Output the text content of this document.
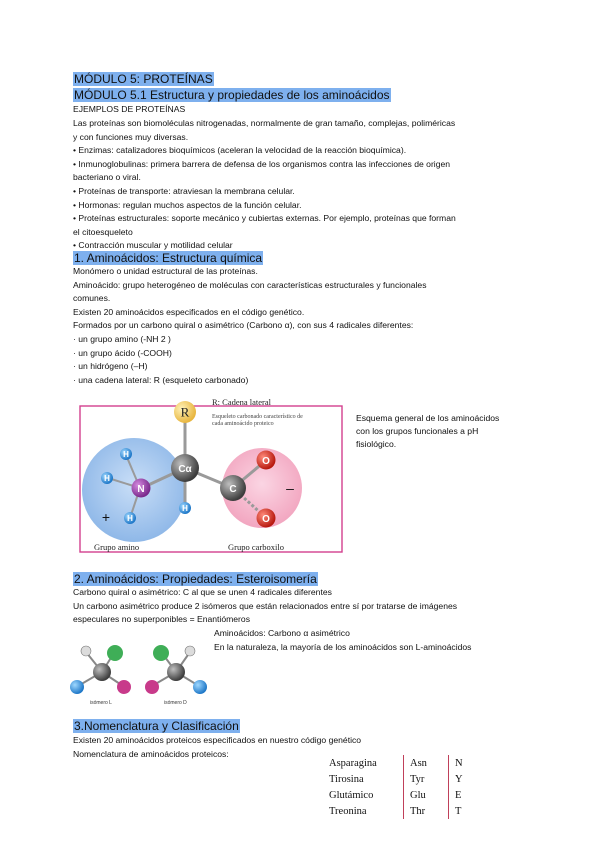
MÓDULO 5: PROTEÍNAS
MÓDULO 5.1 Estructura y propiedades de los aminoácidos
EJEMPLOS DE PROTEÍNAS
Las proteínas son biomoléculas nitrogenadas, normalmente de gran tamaño, complejas, poliméricas
y con funciones muy diversas.
• Enzimas: catalizadores bioquímicos (aceleran la velocidad de la reacción bioquímica).
• Inmunoglobulinas: primera barrera de defensa de los organismos contra las infecciones de origen
bacteriano o viral.
• Proteínas de transporte: atraviesan la membrana celular.
• Hormonas: regulan muchos aspectos de la función celular.
• Proteínas estructurales: soporte mecánico y cubiertas externas. Por ejemplo, proteínas que forman
el citoesqueleto
• Contracción muscular y motilidad celular
1. Aminoácidos: Estructura química
Monómero o unidad estructural de las proteínas.
Aminoácido: grupo heterogéneo de moléculas con características estructurales y funcionales
comunes.
Existen 20 aminoácidos especificados en el código genético.
Formados por un carbono quiral o asimétrico (Carbono α), con sus 4 radicales diferentes:
· un grupo amino (-NH 2 )
· un grupo ácido (-COOH)
· un hidrógeno (–H)
· una cadena lateral: R (esqueleto carbonado)
R
Cα
C
O
O
N
H
H
H
H
+
–
R: Cadena lateral
Esqueleto carbonado característico de
cada aminoácido proteico
Grupo amino	Grupo carboxilo
Esquema general de los aminoácidos
con los grupos funcionales a pH
fisiológico.
2. Aminoácidos: Propiedades: Esteroisomería
Carbono quiral o asimétrico: C al que se unen 4 radicales diferentes
Un carbono asimétrico produce 2 isómeros que están relacionados entre sí por tratarse de imágenes
especulares no superponibles = Enantiómeros
isómero L	isómero D
Aminoácidos: Carbono α asimétrico
En la naturaleza, la mayoría de los aminoácidos son L-aminoácidos
3.Nomenclatura y Clasificación
Existen 20 aminoácidos proteicos especificados en nuestro código genético
Nomenclatura de aminoácidos proteicos:
Asparagina	Asn	N
Tirosina	Tyr	Y
Glutámico	Glu	E
Treonina	Thr	T
